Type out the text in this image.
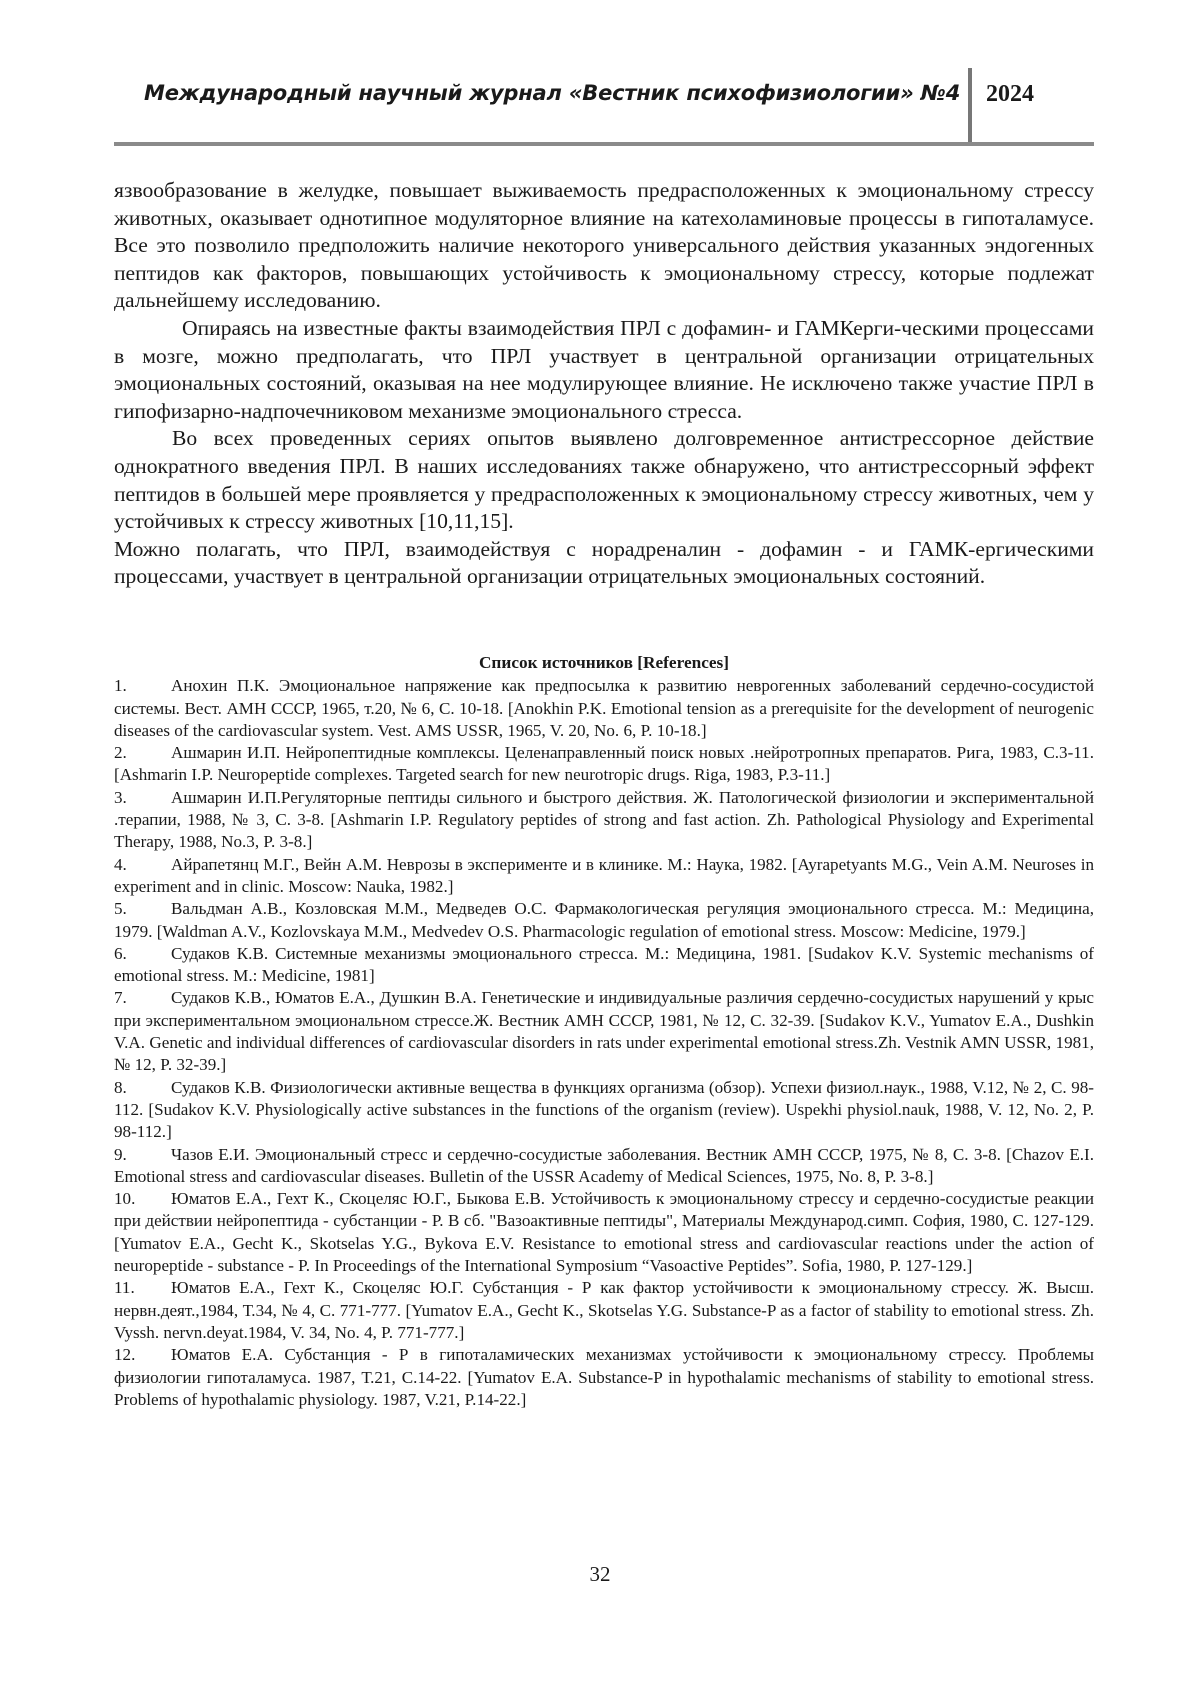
Международный научный журнал «Вестник психофизиологии» №4 2024

язвообразование в желудке, повышает выживаемость предрасположенных к эмоциональному стрессу животных, оказывает однотипное модуляторное влияние на катехоламиновые процессы в гипоталамусе. Все это позволило предположить наличие некоторого универсального действия указанных эндогенных пептидов как факторов, повышающих устойчивость к эмоциональному стрессу, которые подлежат дальнейшему исследованию.

Опираясь на известные факты взаимодействия ПРЛ с дофамин- и ГАМКерги-ческими процессами в мозге, можно предполагать, что ПРЛ участвует в центральной организации отрицательных эмоциональных состояний, оказывая на нее модулирующее влияние. Не исключено также участие ПРЛ в гипофизарно-надпочечниковом механизме эмоционального стресса.

Во всех проведенных сериях опытов выявлено долговременное антистрессорное действие однократного введения ПРЛ. В наших исследованиях также обнаружено, что антистрессорный эффект пептидов в большей мере проявляется у предрасположенных к эмоциональному стрессу животных, чем у устойчивых к стрессу животных [10,11,15].

Можно полагать, что ПРЛ, взаимодействуя с норадреналин - дофамин - и ГАМК-ергическими процессами, участвует в центральной организации отрицательных эмоциональных состояний.

Список источников [References]

1.	Анохин П.К. Эмоциональное напряжение как предпосылка к развитию неврогенных заболеваний сердечно-сосудистой системы. Вест. АМН СССР, 1965, т.20, № 6, С. 10-18. [Anokhin P.K. Emotional tension as a prerequisite for the development of neurogenic diseases of the cardiovascular system. Vest. AMS USSR, 1965, V. 20, No. 6, P. 10-18.]

2.	Ашмарин И.П. Нейропептидные комплексы. Целенаправленный поиск новых .нейротропных препаратов. Рига, 1983, С.3-11. [Ashmarin I.P. Neuropeptide complexes. Targeted search for new neurotropic drugs. Riga, 1983, P.3-11.]

3.	Ашмарин И.П.Регуляторные пептиды сильного и быстрого действия. Ж. Патологической физиологии и экспериментальной .терапии, 1988, № 3, С. 3-8. [Ashmarin I.P. Regulatory peptides of strong and fast action. Zh. Pathological Physiology and Experimental Therapy, 1988, No.3, P. 3-8.]

4.	Айрапетянц М.Г., Вейн А.М. Неврозы в эксперименте и в клинике. М.: Наука, 1982. [Ayrapetyants M.G., Vein A.M. Neuroses in experiment and in clinic. Moscow: Nauka, 1982.]

5.	Вальдман А.В., Козловская М.М., Медведев О.С. Фармакологическая регуляция эмоционального стресса. М.: Медицина, 1979. [Waldman A.V., Kozlovskaya M.M., Medvedev O.S. Pharmacologic regulation of emotional stress. Moscow: Medicine, 1979.]

6.	Судаков К.В. Системные механизмы эмоционального стресса. М.: Медицина, 1981. [Sudakov K.V. Systemic mechanisms of emotional stress. M.: Medicine, 1981]

7.	Судаков К.В., Юматов Е.А., Душкин В.А. Генетические и индивидуальные различия сердечно-сосудистых нарушений у крыс при экспериментальном эмоциональном стрессе.Ж. Вестник АМН СССР, 1981, № 12, С. 32-39. [Sudakov K.V., Yumatov E.A., Dushkin V.A. Genetic and individual differences of cardiovascular disorders in rats under experimental emotional stress.Zh. Vestnik AMN USSR, 1981, № 12, P. 32-39.]

8.	Судаков К.В. Физиологически активные вещества в функциях организма (обзор). Успехи физиол.наук., 1988, V.12, № 2, С. 98-112. [Sudakov K.V. Physiologically active substances in the functions of the organism (review). Uspekhi physiol.nauk, 1988, V. 12, No. 2, P. 98-112.]

9.	Чазов Е.И. Эмоциональный стресс и сердечно-сосудистые заболевания. Вестник АМН СССР, 1975, № 8, С. 3-8. [Chazov E.I. Emotional stress and cardiovascular diseases. Bulletin of the USSR Academy of Medical Sciences, 1975, No. 8, P. 3-8.]

10. Юматов Е.А., Гехт К., Скоцеляс Ю.Г., Быкова Е.В. Устойчивость к эмоциональному стрессу и сердечно-сосудистые реакции при действии нейропептида - субстанции - Р. В сб. "Вазоактивные пептиды", Материалы Международ.симп. София, 1980, С. 127-129. [Yumatov E.A., Gecht K., Skotselas Y.G., Bykova E.V. Resistance to emotional stress and cardiovascular reactions under the action of neuropeptide - substance - P. In Proceedings of the International Symposium “Vasoactive Peptides”. Sofia, 1980, P. 127-129.]

11. Юматов Е.А., Гехт К., Скоцеляс Ю.Г. Субстанция - Р как фактор устойчивости к эмоциональному стрессу. Ж. Высш. нервн.деят.,1984, Т.34, № 4, С. 771-777. [Yumatov E.A., Gecht K., Skotselas Y.G. Substance-P as a factor of stability to emotional stress. Zh. Vyssh. nervn.deyat.1984, V. 34, No. 4, P. 771-777.]

12. Юматов Е.А. Субстанция - Р в гипоталамических механизмах устойчивости к эмоциональному стрессу. Проблемы физиологии гипоталамуса. 1987, Т.21, С.14-22. [Yumatov E.A. Substance-P in hypothalamic mechanisms of stability to emotional stress. Problems of hypothalamic physiology. 1987, V.21, P.14-22.]

32
